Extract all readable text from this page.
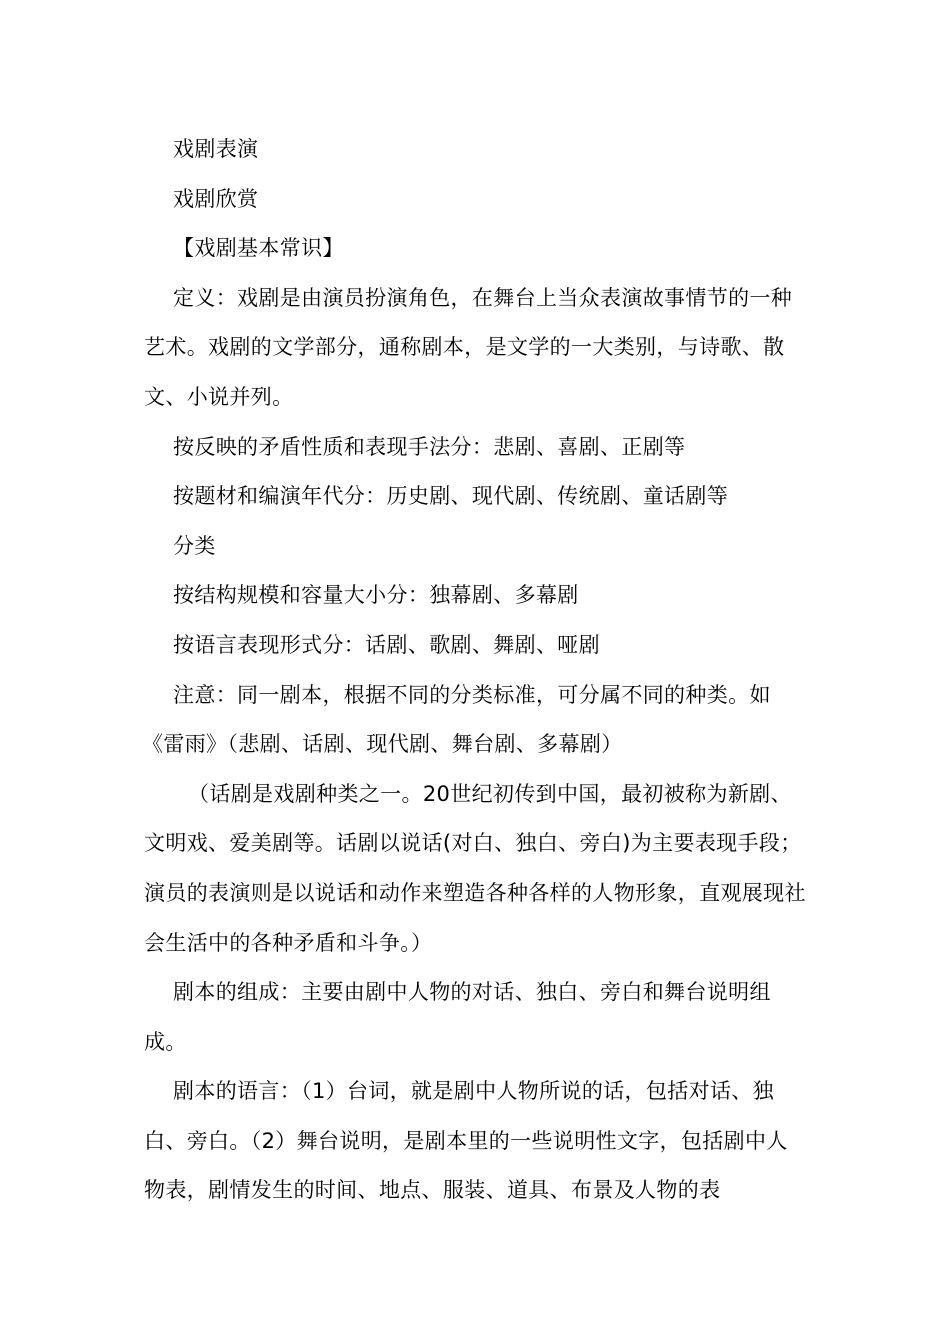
戏剧表演

戏剧欣赏

【戏剧基本常识】

定义：戏剧是由演员扮演角色，在舞台上当众表演故事情节的一种艺术。戏剧的文学部分，通称剧本，是文学的一大类别，与诗歌、散文、小说并列。

按反映的矛盾性质和表现手法分：悲剧、喜剧、正剧等

按题材和编演年代分：历史剧、现代剧、传统剧、童话剧等

分类

按结构规模和容量大小分：独幕剧、多幕剧

按语言表现形式分：话剧、歌剧、舞剧、哑剧

注意：同一剧本，根据不同的分类标准，可分属不同的种类。如

《雷雨》（悲剧、话剧、现代剧、舞台剧、多幕剧）

（话剧是戏剧种类之一。20世纪初传到中国，最初被称为新剧、文明戏、爱美剧等。话剧以说话(对白、独白、旁白)为主要表现手段；演员的表演则是以说话和动作来塑造各种各样的人物形象，直观展现社会生活中的各种矛盾和斗争。）

剧本的组成：主要由剧中人物的对话、独白、旁白和舞台说明组成。

剧本的语言：（1）台词，就是剧中人物所说的话，包括对话、独白、旁白。（2）舞台说明，是剧本里的一些说明性文字，包括剧中人物表，剧情发生的时间、地点、服装、道具、布景及人物的表
